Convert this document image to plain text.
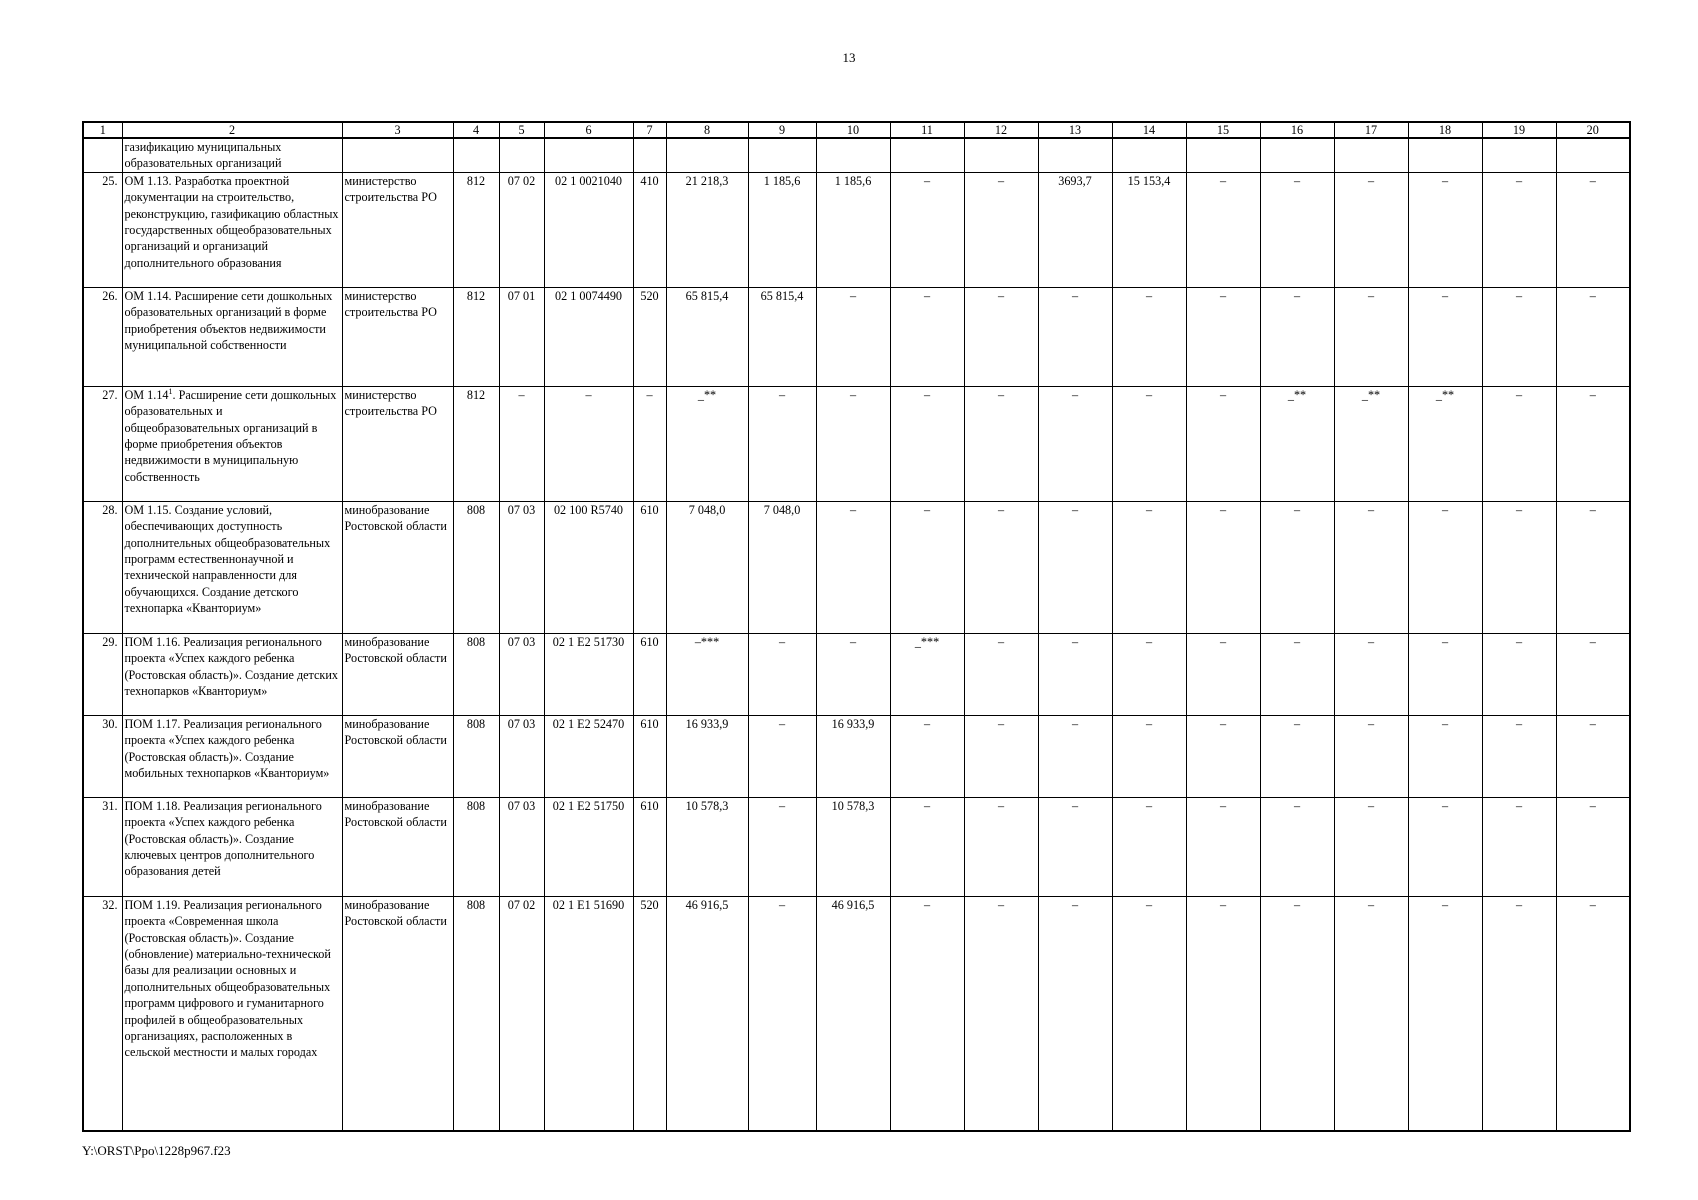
13
1	2	3	4	5	6	7	8	9	10	11	12	13	14	15	16	17	18	19	20
	газификацию муниципальных образовательных организаций																		
25.	ОМ 1.13. Разработка проектной документации на строительство, реконструкцию, газификацию областных государственных общеобразовательных организаций и организаций дополнительного образования	министерство строительства РО	812	07 02	02 1 0021040	410	21 218,3	1 185,6	1 185,6	–	–	3693,7	15 153,4	–	–	–	–	–	–
26.	ОМ 1.14. Расширение сети дошкольных образовательных организаций в форме приобретения объектов недвижимости муниципальной собственности	министерство строительства РО	812	07 01	02 1 0074490	520	65 815,4	65 815,4	–	–	–	–	–	–	–	–	–	–	–
27.	ОМ 1.14$^1$. Расширение сети дошкольных образовательных и общеобразовательных организаций в форме приобретения объектов недвижимости в муниципальную собственность	министерство строительства РО	812	–	–	–	_**	–	–	–	–	–	–	–	_**	_**	_**	–	–
28.	ОМ 1.15. Создание условий, обеспечивающих доступность дополнительных общеобразовательных программ естественнонаучной и технической направленности для обучающихся. Создание детского технопарка «Кванториум»	минобразование Ростовской области	808	07 03	02 100 R5740	610	7 048,0	7 048,0	–	–	–	–	–	–	–	–	–	–	–
29.	ПОМ 1.16. Реализация регионального проекта «Успех каждого ребенка (Ростовская область)». Создание детских технопарков «Кванториум»	минобразование Ростовской области	808	07 03	02 1 E2 51730	610	–***	–	–	_***	–	–	–	–	–	–	–	–	–
30.	ПОМ 1.17. Реализация регионального проекта «Успех каждого ребенка (Ростовская область)». Создание мобильных технопарков «Кванториум»	минобразование Ростовской области	808	07 03	02 1 E2 52470	610	16 933,9	–	16 933,9	–	–	–	–	–	–	–	–	–	–
31.	ПОМ 1.18. Реализация регионального проекта «Успех каждого ребенка (Ростовская область)». Создание ключевых центров дополнительного образования детей	минобразование Ростовской области	808	07 03	02 1 E2 51750	610	10 578,3	–	10 578,3	–	–	–	–	–	–	–	–	–	–
32.	ПОМ 1.19. Реализация регионального проекта «Современная школа (Ростовская область)». Создание (обновление) материально-технической базы для реализации основных и дополнительных общеобразовательных программ цифрового и гуманитарного профилей в общеобразовательных организациях, расположенных в сельской местности и малых городах	минобразование Ростовской области	808	07 02	02 1 E1 51690	520	46 916,5	–	46 916,5	–	–	–	–	–	–	–	–	–	–
Y:\ORST\Ppo\1228p967.f23
